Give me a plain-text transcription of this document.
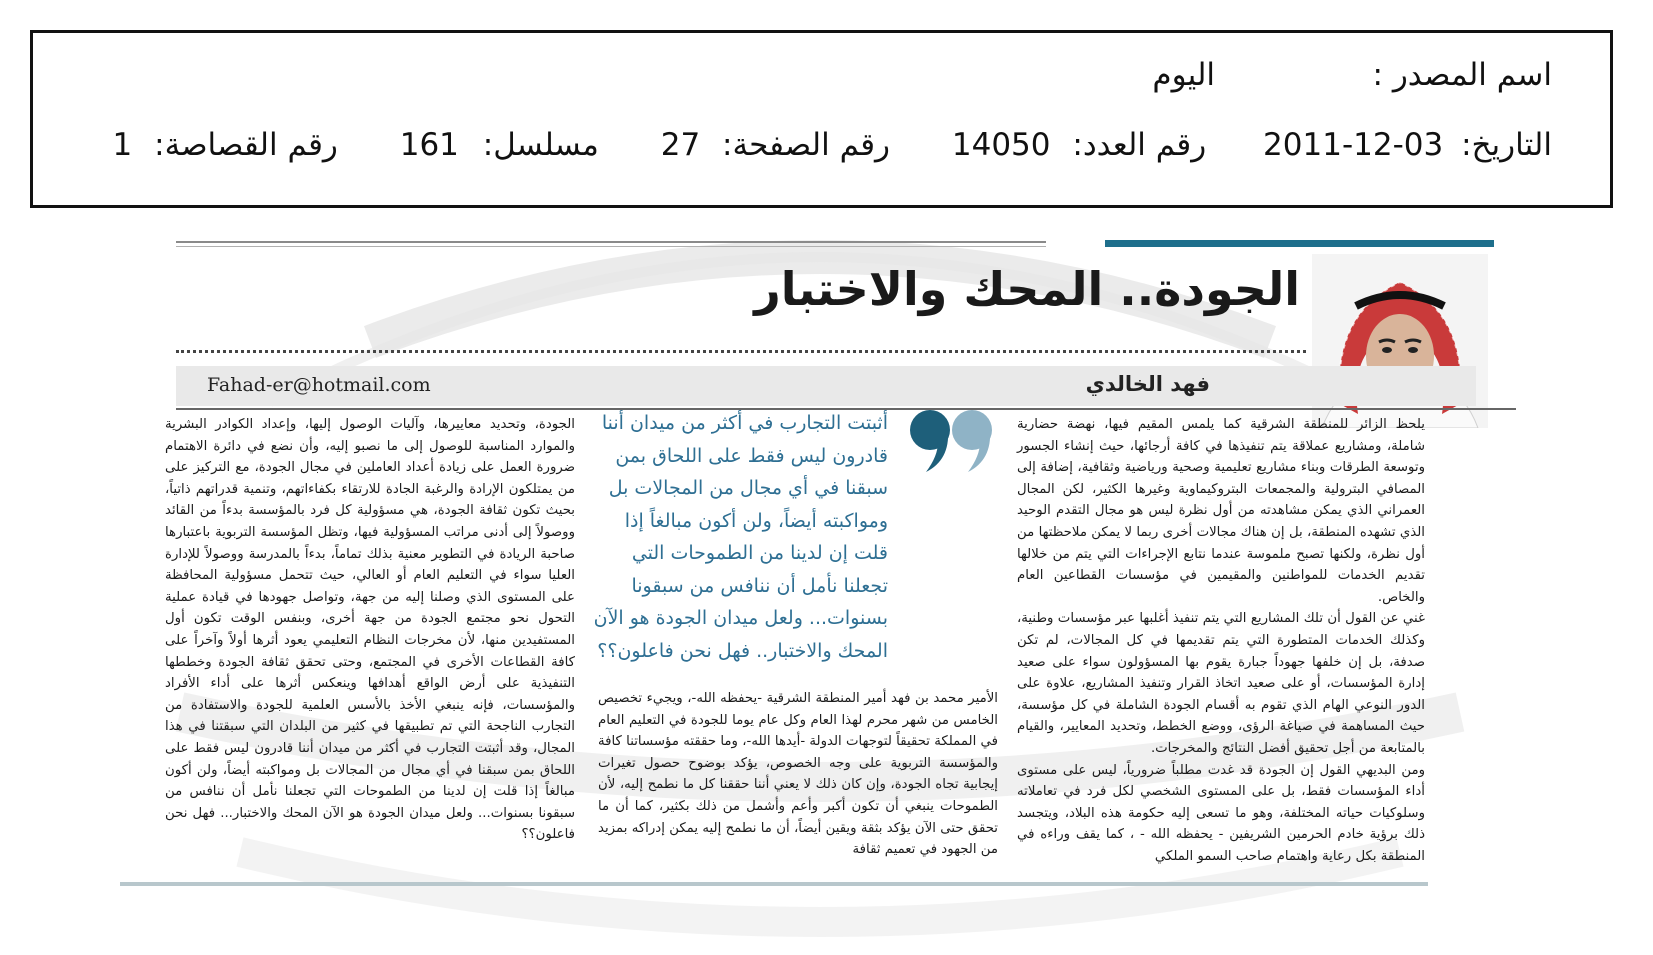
اسم المصدر :
اليوم
التاريخ: 2011-12-03 رقم العدد: 14050 رقم الصفحة: 27 مسلسل: 161 رقم القصاصة: 1
الجودة.. المحك والاختبار
Fahad-er@hotmail.com	فهد الخالدي

يلحظ الزائر للمنطقة الشرقية كما يلمس المقيم فيها، نهضة حضارية شاملة، ومشاريع عملاقة يتم تنفيذها في كافة أرجائها، حيث إنشاء الجسور وتوسعة الطرقات وبناء مشاريع تعليمية وصحية ورياضية وثقافية، إضافة إلى المصافي البترولية والمجمعات البتروكيماوية وغيرها الكثير، لكن المجال العمراني الذي يمكن مشاهدته من أول نظرة ليس هو مجال التقدم الوحيد الذي تشهده المنطقة، بل إن هناك مجالات أخرى ربما لا يمكن ملاحظتها من أول نظرة، ولكنها تصبح ملموسة عندما نتابع الإجراءات التي يتم من خلالها تقديم الخدمات للمواطنين والمقيمين في مؤسسات القطاعين العام والخاص.

غني عن القول أن تلك المشاريع التي يتم تنفيذ أغلبها عبر مؤسسات وطنية، وكذلك الخدمات المتطورة التي يتم تقديمها في كل المجالات، لم تكن صدفة، بل إن خلفها جهوداً جبارة يقوم بها المسؤولون سواء على صعيد إدارة المؤسسات، أو على صعيد اتخاذ القرار وتنفيذ المشاريع، علاوة على الدور النوعي الهام الذي تقوم به أقسام الجودة الشاملة في كل مؤسسة، حيث المساهمة في صياغة الرؤى، ووضع الخطط، وتحديد المعايير، والقيام بالمتابعة من أجل تحقيق أفضل النتائج والمخرجات.

ومن البديهي القول إن الجودة قد غدت مطلباً ضرورياً، ليس على مستوى أداء المؤسسات فقط، بل على المستوى الشخصي لكل فرد في تعاملاته وسلوكيات حياته المختلفة، وهو ما تسعى إليه حكومة هذه البلاد، ويتجسد ذلك برؤية خادم الحرمين الشريفين - يحفظه الله - ، كما يقف وراءه في المنطقة بكل رعاية واهتمام صاحب السمو الملكي

أثبتت التجارب في أكثر من ميدان أننا قادرون ليس فقط على اللحاق بمن سبقنا في أي مجال من المجالات بل ومواكبته أيضاً، ولن أكون مبالغاً إذا قلت إن لدينا من الطموحات التي تجعلنا نأمل أن ننافس من سبقونا بسنوات... ولعل ميدان الجودة هو الآن المحك والاختبار.. فهل نحن فاعلون؟؟

الأمير محمد بن فهد أمير المنطقة الشرقية -يحفظه الله-، ويجيء تخصيص الخامس من شهر محرم لهذا العام وكل عام يوما للجودة في التعليم العام في المملكة تحقيقاً لتوجهات الدولة -أيدها الله-، وما حققته مؤسساتنا كافة والمؤسسة التربوية على وجه الخصوص، يؤكد بوضوح حصول تغيرات إيجابية تجاه الجودة، وإن كان ذلك لا يعني أننا حققنا كل ما نطمح إليه، لأن الطموحات ينبغي أن تكون أكبر وأعم وأشمل من ذلك بكثير، كما أن ما تحقق حتى الآن يؤكد بثقة ويقين أيضاً، أن ما نطمح إليه يمكن إدراكه بمزيد من الجهود في تعميم ثقافة

الجودة، وتحديد معاييرها، وآليات الوصول إليها، وإعداد الكوادر البشرية والموارد المناسبة للوصول إلى ما نصبو إليه، وأن نضع في دائرة الاهتمام ضرورة العمل على زيادة أعداد العاملين في مجال الجودة، مع التركيز على من يمتلكون الإرادة والرغبة الجادة للارتقاء بكفاءاتهم، وتنمية قدراتهم ذاتياً، بحيث تكون ثقافة الجودة، هي مسؤولية كل فرد بالمؤسسة بدءاً من القائد ووصولاً إلى أدنى مراتب المسؤولية فيها، وتظل المؤسسة التربوية باعتبارها صاحبة الريادة في التطوير معنية بذلك تماماً، بدءاً بالمدرسة ووصولاً للإدارة العليا سواء في التعليم العام أو العالي، حيث تتحمل مسؤولية المحافظة على المستوى الذي وصلنا إليه من جهة، وتواصل جهودها في قيادة عملية التحول نحو مجتمع الجودة من جهة أخرى، وبنفس الوقت تكون أول المستفيدين منها، لأن مخرجات النظام التعليمي يعود أثرها أولاً وآخراً على كافة القطاعات الأخرى في المجتمع، وحتى تحقق ثقافة الجودة وخططها التنفيذية على أرض الواقع أهدافها وينعكس أثرها على أداء الأفراد والمؤسسات، فإنه ينبغي الأخذ بالأسس العلمية للجودة والاستفادة من التجارب الناجحة التي تم تطبيقها في كثير من البلدان التي سبقتنا في هذا المجال، وقد أثبتت التجارب في أكثر من ميدان أننا قادرون ليس فقط على اللحاق بمن سبقنا في أي مجال من المجالات بل ومواكبته أيضاً، ولن أكون مبالغاً إذا قلت إن لدينا من الطموحات التي تجعلنا نأمل أن ننافس من سبقونا بسنوات... ولعل ميدان الجودة هو الآن المحك والاختبار... فهل نحن فاعلون؟؟
